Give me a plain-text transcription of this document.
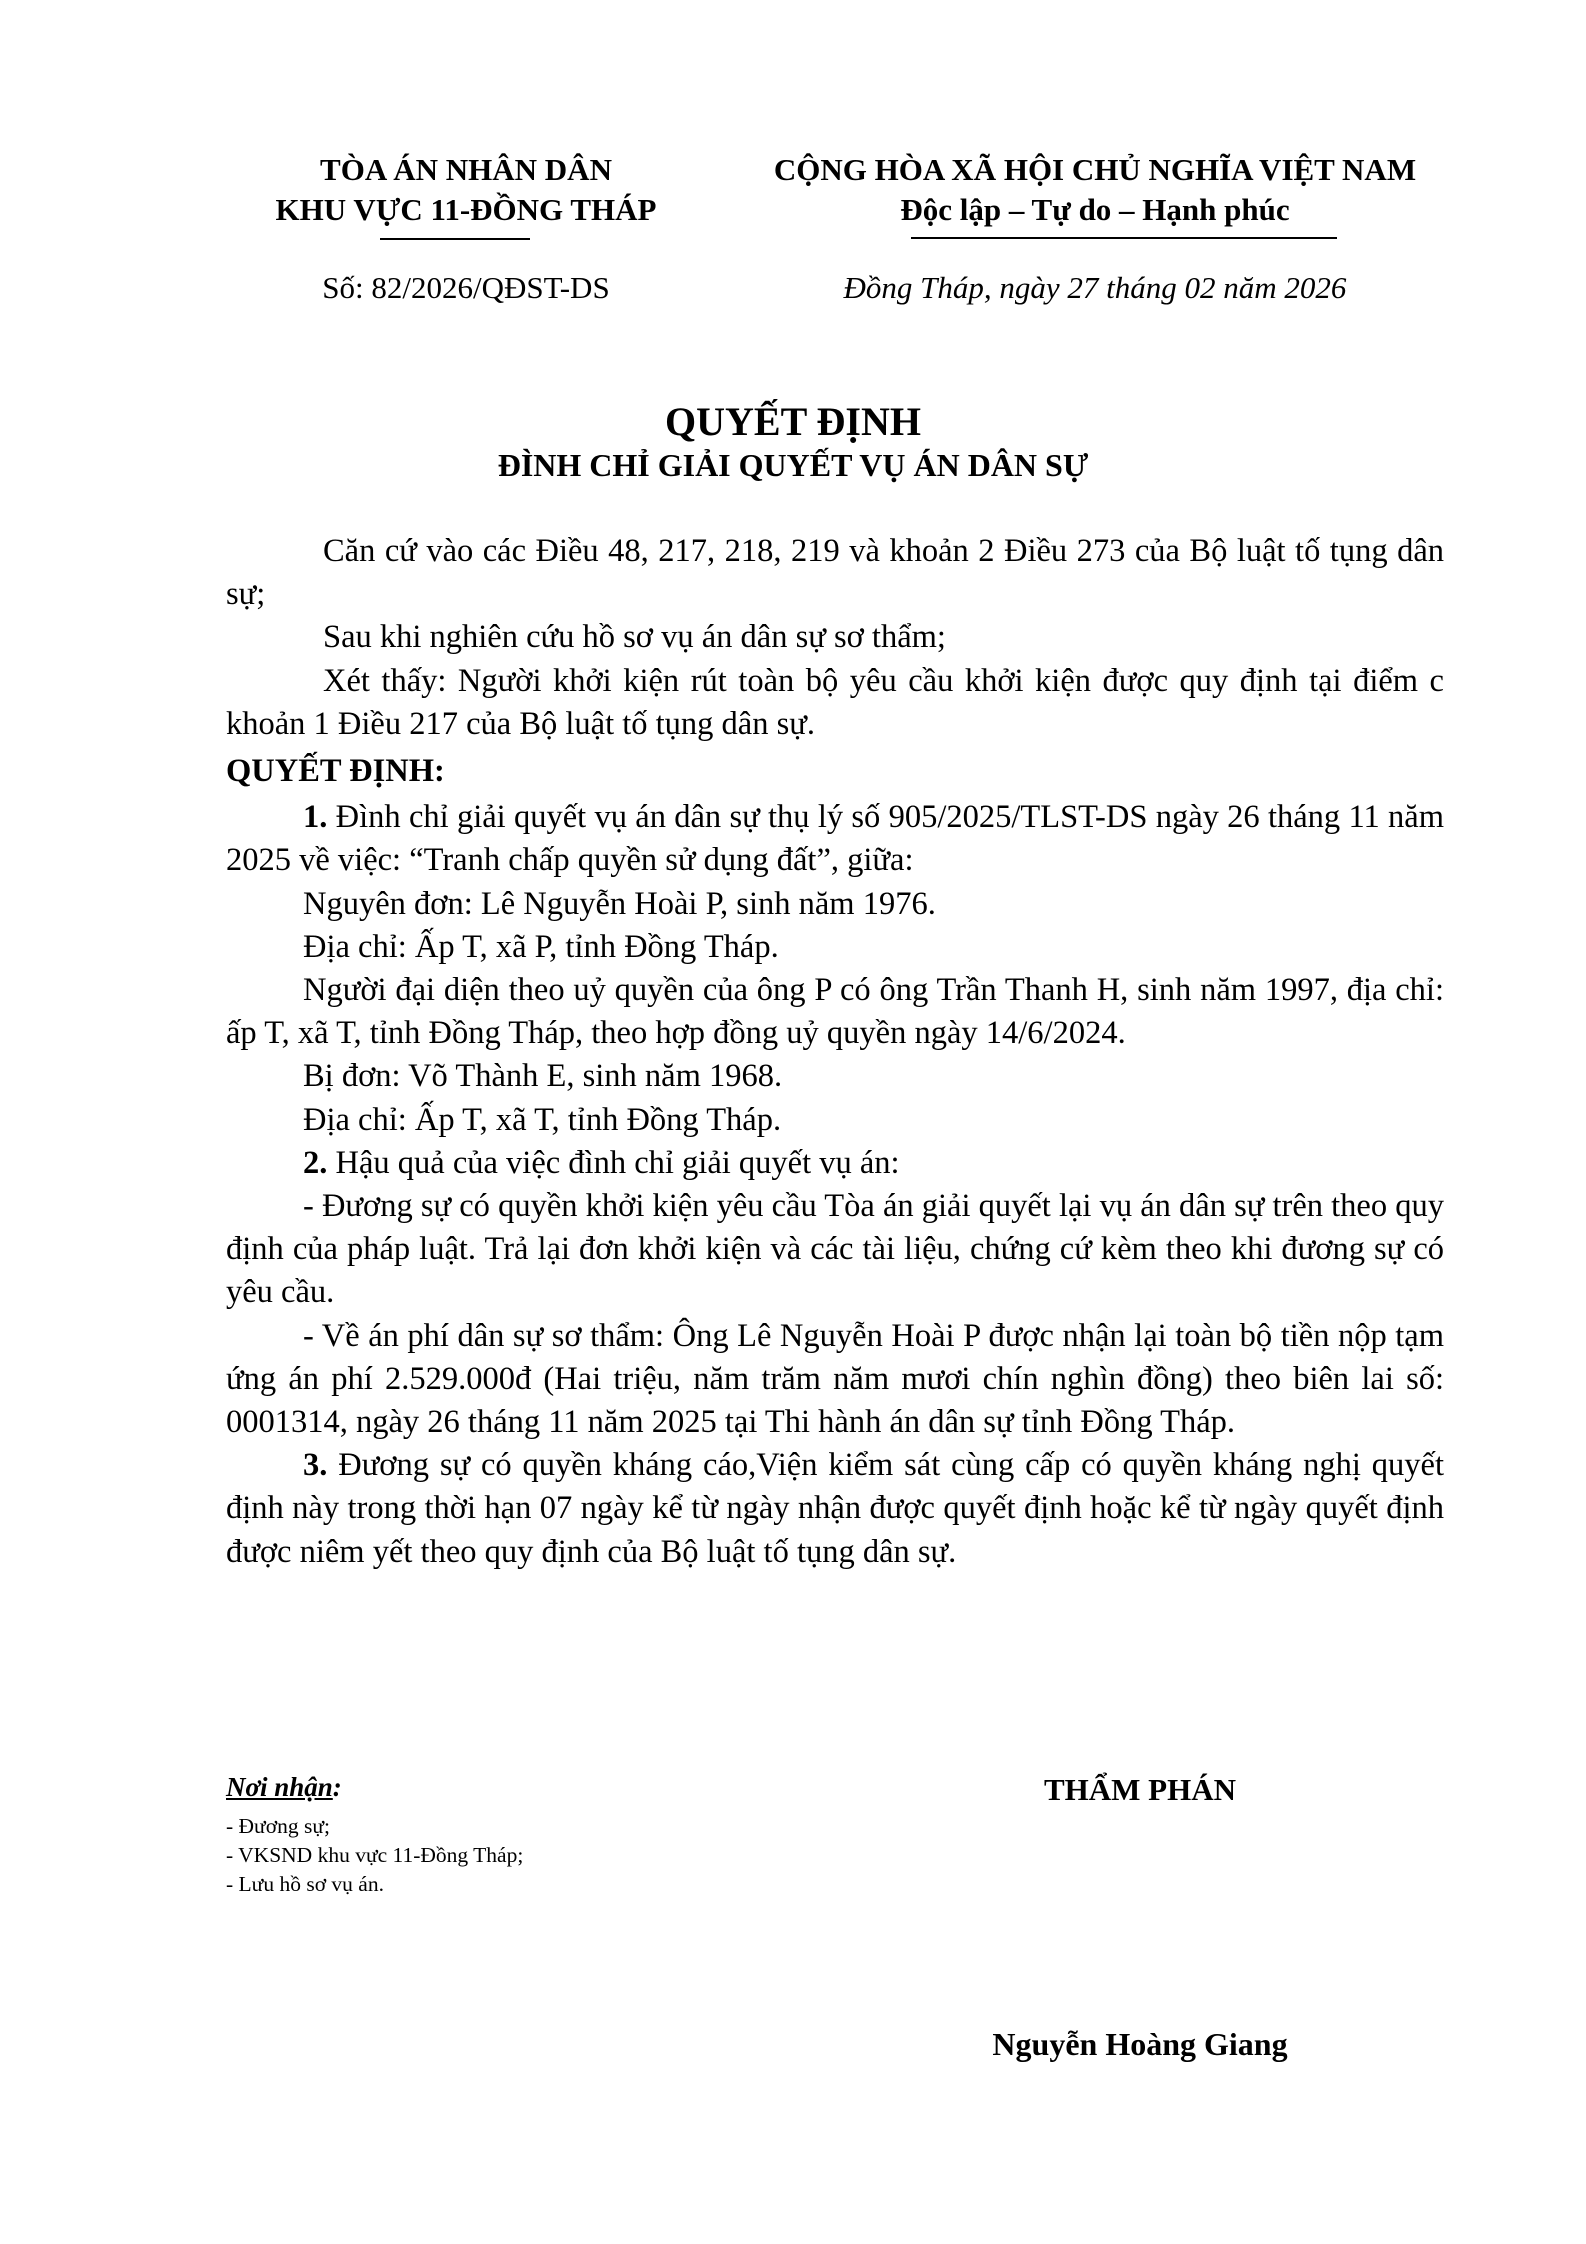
TÒA ÁN NHÂN DÂN
KHU VỰC 11-ĐỒNG THÁP
CỘNG HÒA XÃ HỘI CHỦ NGHĨA VIỆT NAM
Độc lập – Tự do – Hạnh phúc
Số: 82/2026/QĐST-DS	Đồng Tháp, ngày 27 tháng 02 năm 2026
QUYẾT ĐỊNH
ĐÌNH CHỈ GIẢI QUYẾT VỤ ÁN DÂN SỰ

Căn cứ vào các Điều 48, 217, 218, 219 và khoản 2 Điều 273 của Bộ luật tố tụng dân sự;

Sau khi nghiên cứu hồ sơ vụ án dân sự sơ thẩm;

Xét thấy: Người khởi kiện rút toàn bộ yêu cầu khởi kiện được quy định tại điểm c khoản 1 Điều 217 của Bộ luật tố tụng dân sự.

QUYẾT ĐỊNH:

1. Đình chỉ giải quyết vụ án dân sự thụ lý số 905/2025/TLST-DS ngày 26 tháng 11 năm 2025 về việc: “Tranh chấp quyền sử dụng đất”, giữa:

Nguyên đơn: Lê Nguyễn Hoài P, sinh năm 1976.

Địa chỉ: Ấp T, xã P, tỉnh Đồng Tháp.

Người đại diện theo uỷ quyền của ông P có ông Trần Thanh H, sinh năm 1997, địa chỉ: ấp T, xã T, tỉnh Đồng Tháp, theo hợp đồng uỷ quyền ngày 14/6/2024.

Bị đơn: Võ Thành E, sinh năm 1968.

Địa chỉ: Ấp T, xã T, tỉnh Đồng Tháp.

2. Hậu quả của việc đình chỉ giải quyết vụ án:

- Đương sự có quyền khởi kiện yêu cầu Tòa án giải quyết lại vụ án dân sự trên theo quy định của pháp luật. Trả lại đơn khởi kiện và các tài liệu, chứng cứ kèm theo khi đương sự có yêu cầu.

- Về án phí dân sự sơ thẩm: Ông Lê Nguyễn Hoài P được nhận lại toàn bộ tiền nộp tạm ứng án phí 2.529.000đ (Hai triệu, năm trăm năm mươi chín nghìn đồng) theo biên lai số: 0001314, ngày 26 tháng 11 năm 2025 tại Thi hành án dân sự tỉnh Đồng Tháp.

3. Đương sự có quyền kháng cáo,Viện kiểm sát cùng cấp có quyền kháng nghị quyết định này trong thời hạn 07 ngày kể từ ngày nhận được quyết định hoặc kể từ ngày quyết định được niêm yết theo quy định của Bộ luật tố tụng dân sự.

Nơi nhận:
- Đương sự;
- VKSND khu vực 11-Đồng Tháp;
- Lưu hồ sơ vụ án.
THẨM PHÁN
Nguyễn Hoàng Giang
